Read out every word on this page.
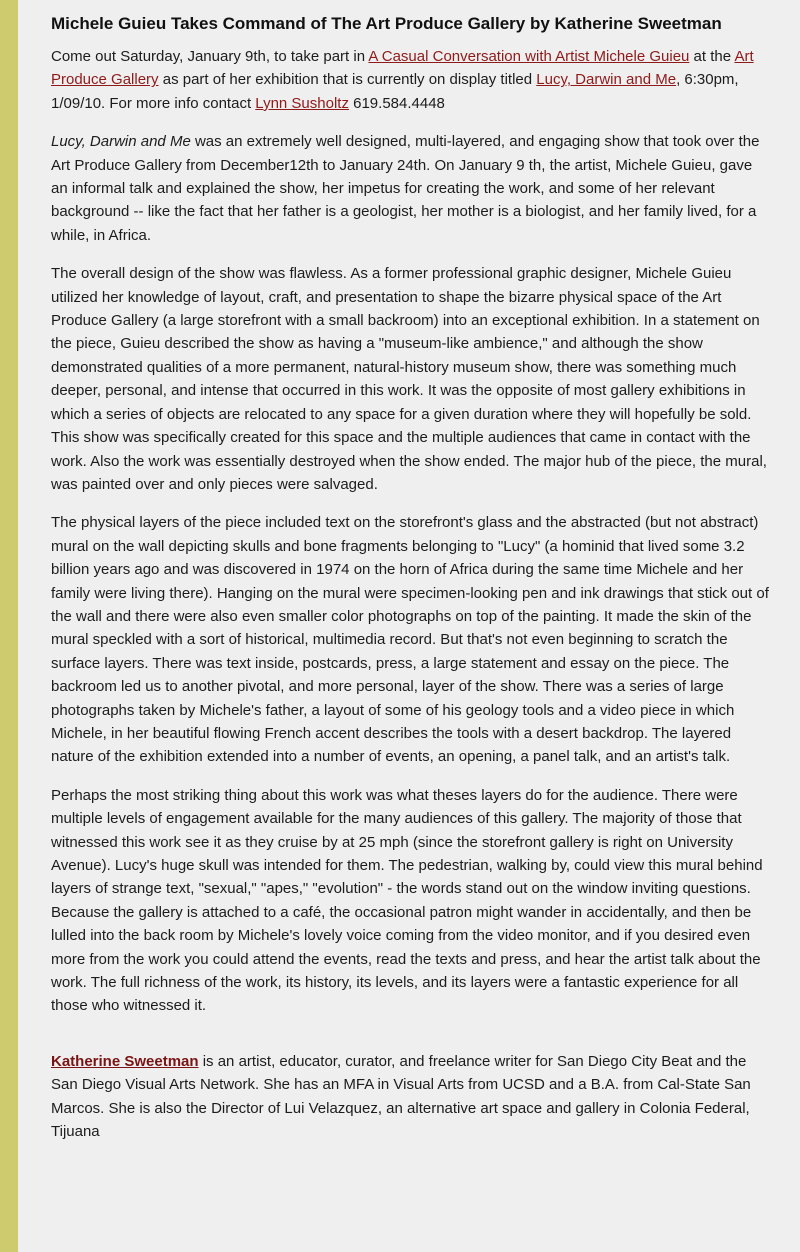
Michele Guieu Takes Command of The Art Produce Gallery by Katherine Sweetman

Come out Saturday, January 9th, to take part in A Casual Conversation with Artist Michele Guieu at the Art Produce Gallery as part of her exhibition that is currently on display titled Lucy, Darwin and Me, 6:30pm, 1/09/10. For more info contact Lynn Susholtz 619.584.4448

Lucy, Darwin and Me was an extremely well designed, multi-layered, and engaging show that took over the Art Produce Gallery from December12th to January 24th. On January 9 th, the artist, Michele Guieu, gave an informal talk and explained the show, her impetus for creating the work, and some of her relevant background -- like the fact that her father is a geologist, her mother is a biologist, and her family lived, for a while, in Africa.

The overall design of the show was flawless. As a former professional graphic designer, Michele Guieu utilized her knowledge of layout, craft, and presentation to shape the bizarre physical space of the Art Produce Gallery (a large storefront with a small backroom) into an exceptional exhibition. In a statement on the piece, Guieu described the show as having a "museum-like ambience," and although the show demonstrated qualities of a more permanent, natural-history museum show, there was something much deeper, personal, and intense that occurred in this work. It was the opposite of most gallery exhibitions in which a series of objects are relocated to any space for a given duration where they will hopefully be sold. This show was specifically created for this space and the multiple audiences that came in contact with the work. Also the work was essentially destroyed when the show ended. The major hub of the piece, the mural, was painted over and only pieces were salvaged.

The physical layers of the piece included text on the storefront's glass and the abstracted (but not abstract) mural on the wall depicting skulls and bone fragments belonging to "Lucy" (a hominid that lived some 3.2 billion years ago and was discovered in 1974 on the horn of Africa during the same time Michele and her family were living there). Hanging on the mural were specimen-looking pen and ink drawings that stick out of the wall and there were also even smaller color photographs on top of the painting. It made the skin of the mural speckled with a sort of historical, multimedia record. But that's not even beginning to scratch the surface layers. There was text inside, postcards, press, a large statement and essay on the piece. The backroom led us to another pivotal, and more personal, layer of the show. There was a series of large photographs taken by Michele's father, a layout of some of his geology tools and a video piece in which Michele, in her beautiful flowing French accent describes the tools with a desert backdrop. The layered nature of the exhibition extended into a number of events, an opening, a panel talk, and an artist's talk.

Perhaps the most striking thing about this work was what theses layers do for the audience. There were multiple levels of engagement available for the many audiences of this gallery. The majority of those that witnessed this work see it as they cruise by at 25 mph (since the storefront gallery is right on University Avenue). Lucy's huge skull was intended for them. The pedestrian, walking by, could view this mural behind layers of strange text, "sexual," "apes," "evolution" - the words stand out on the window inviting questions. Because the gallery is attached to a café, the occasional patron might wander in accidentally, and then be lulled into the back room by Michele's lovely voice coming from the video monitor, and if you desired even more from the work you could attend the events, read the texts and press, and hear the artist talk about the work. The full richness of the work, its history, its levels, and its layers were a fantastic experience for all those who witnessed it.

Katherine Sweetman is an artist, educator, curator, and freelance writer for San Diego City Beat and the San Diego Visual Arts Network. She has an MFA in Visual Arts from UCSD and a B.A. from Cal-State San Marcos. She is also the Director of Lui Velazquez, an alternative art space and gallery in Colonia Federal, Tijuana
